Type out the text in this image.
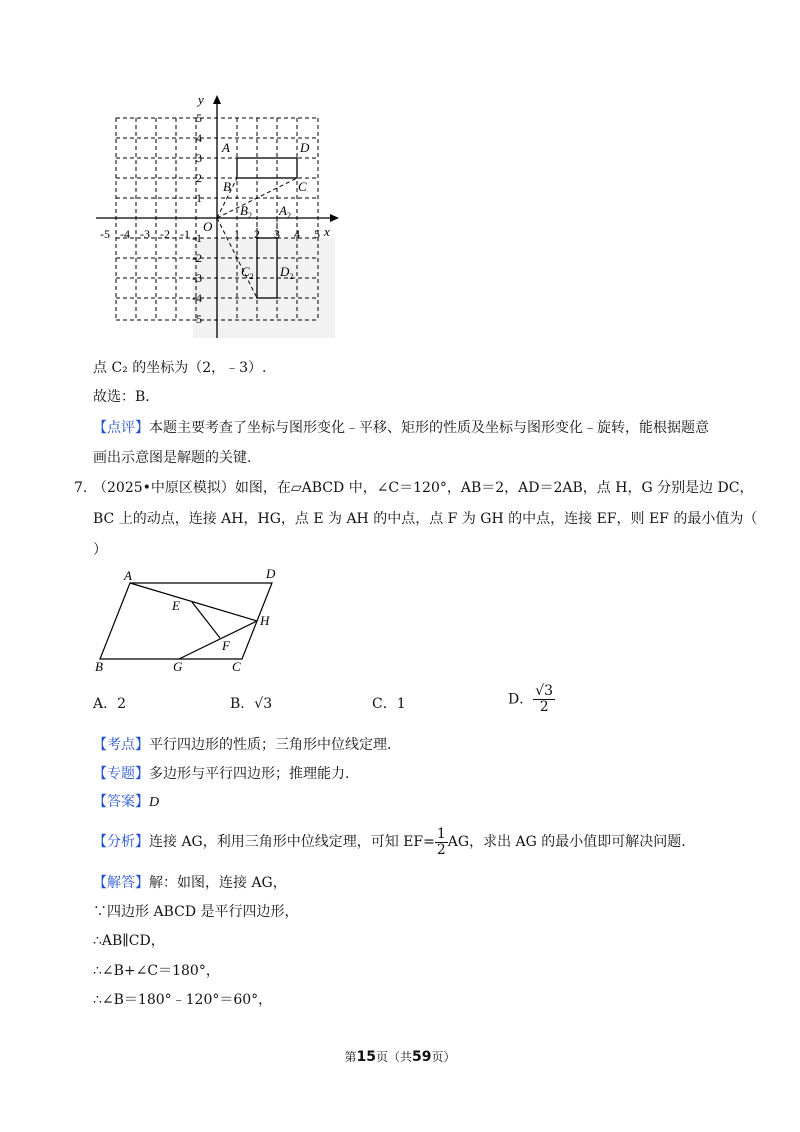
x
y
O
A	D
B	C
$B_2$ $A_2$
$C_2$ $D_2$
-5 -4 -3 -2 -1	1 2 3 4 5
5
4
3
2
1
-1
-2
-3
-4
-5
点 C₂ 的坐标为（2，﹣3）.
故选：B.
【点评】本题主要考查了坐标与图形变化﹣平移、矩形的性质及坐标与图形变化﹣旋转，能根据题意
画出示意图是解题的关键.
7. （2025•中原区模拟）如图，在▱ABCD 中，∠C＝120°，AB＝2，AD＝2AB，点 H，G 分别是边 DC，
BC 上的动点，连接 AH，HG，点 E 为 AH 的中点，点 F 为 GH 的中点，连接 EF，则 EF 的最小值为（
）
A	D
E
H
F
B	G	C
A．2	B．√3	C．1	D． $\frac{√3}{2}$
【考点】平行四边形的性质；三角形中位线定理.
【专题】多边形与平行四边形；推理能力.
【答案】D
【分析】连接 AG，利用三角形中位线定理，可知 $EF= \frac{1}{2}$ AG，求出 AG 的最小值即可解决问题.
【解答】解：如图，连接 AG，
∵四边形 ABCD 是平行四边形，
∴AB∥CD，
∴∠B+∠C＝180°，
∴∠B＝180°﹣120°＝60°，
第15页（共59页）
